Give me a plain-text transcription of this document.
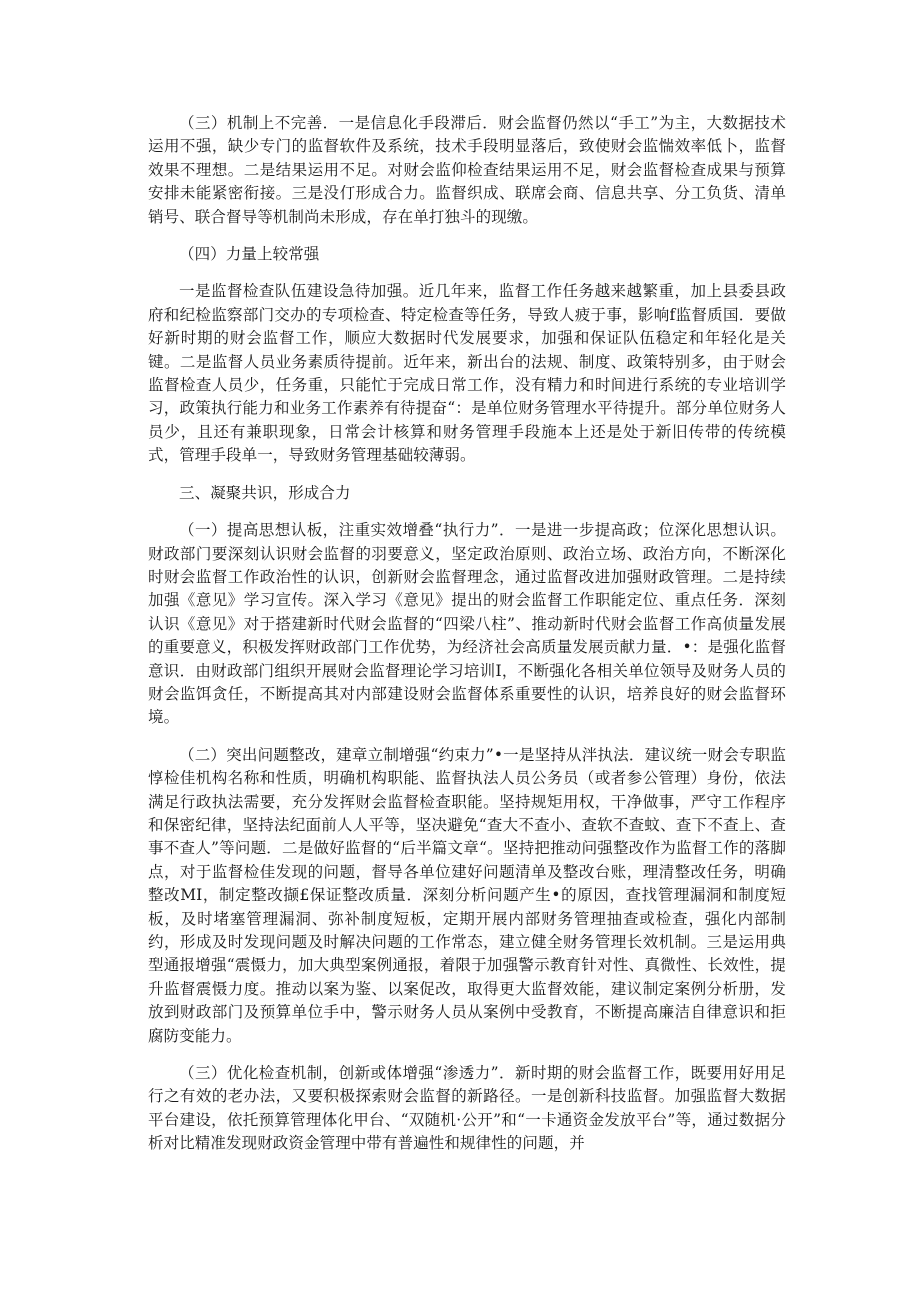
（三）机制上不完善．一是信息化手段滞后．财会监督仍然以“手工”为主，大数据技术运用不强，缺少专门的监督软件及系统，技术手段明显落后，致使财会监惴效率低卜，监督效果不理想。二是结果运用不足。对财会监仰检查结果运用不足，财会监督检查成果与预算安排未能紧密衔接。三是没仃形成合力。监督织成、联席会商、信息共享、分工负货、清单销号、联合督导等机制尚未形成，存在单打独斗的现缴。

（四）力量上较常强

一是监督检查队伍建设急待加强。近几年来，监督工作任务越来越繁重，加上县委县政府和纪检监察部门交办的专项检查、特定检查等任务，导致人疲于事，影响f监督质国．要做好新时期的财会监督工作，顺应大数据时代发展要求，加强和保证队伍稳定和年轻化是关键。二是监督人员业务素质待提前。近年来，新出台的法规、制度、政策特别多，由于财会监督检查人员少，任务重，只能忙于完成日常工作，没有精力和时间进行系统的专业培训学习，政策执行能力和业务工作素养有待提奋“：是单位财务管理水平待提升。部分单位财务人员少，且还有兼职现象，日常会计核算和财务管理手段施本上还是处于新旧传带的传统模式，管理手段单一，导致财务管理基础较薄弱。

三、凝聚共识，形成合力

（一）提高思想认板，注重实效增叠“执行力”．一是进一步提高政；位深化思想认识。财政部门要深刻认识财会监督的羽要意义，坚定政治原则、政治立场、政治方向，不断深化时财会监督工作政治性的认识，创新财会监督理念，通过监督改进加强财政管理。二是持续加强《意见》学习宣传。深入学习《意见》提出的财会监督工作职能定位、重点任务．深刻认识《意见》对于搭建新时代财会监督的“四梁八柱”、推动新时代财会监督工作高侦量发展的重要意义，积极发挥财政部门工作优势，为经济社会高质量发展贡献力量．•：是强化监督意识．由财政部门组织开展财会监督理论学习培训Ⅰ，不断强化各相关单位领导及财务人员的财会监饵贪任，不断提高其对内部建设财会监督体系重要性的认识，培养良好的财会监督环境。

（二）突出问题整改，建章立制增强“约束力”•一是坚持从泮执法．建议统一财会专职监惇检佳机构名称和性质，明确机构职能、监督执法人员公务员（或者参公管理）身份，依法满足行政执法需要，充分发挥财会监督检查职能。坚持规矩用权，干净做事，严守工作程序和保密纪律，坚持法纪面前人人平等，坚决避免“查大不查小、查软不查蚊、查下不查上、查事不查人”等问题．二是做好监督的“后半篇文章“。坚持把推动问强整改作为监督工作的落脚点，对于监督检佳发现的问题，督导各单位建好问题清单及整改台账，理清整改任务，明确整改MI，制定整改撷£保证整改质量．深刻分析问题产生•的原因，查找管理漏洞和制度短板，及时堵塞管理漏洞、弥补制度短板，定期开展内部财务管理抽查或检查，强化内部制约，形成及时发现问题及时解决问题的工作常态，建立健全财务管理长效机制。三是运用典型通报增强“震慑力，加大典型案例通报，着限于加强警示教育针对性、真微性、长效性，提升监督震慑力度。推动以案为鉴、以案促改，取得更大监督效能，建议制定案例分析册，发放到财政部门及预算单位手中，警示财务人员从案例中受教育，不断提高廉洁自律意识和拒腐防变能力。

（三）优化检查机制，创新或体增强“渗透力”．新时期的财会监督工作，既要用好用足行之有效的老办法，又要积极探索财会监督的新路径。一是创新科技监督。加强监督大数据平台建设，依托预算管理体化甲台、“双随机·公开”和“一卡通资金发放平台”等，通过数据分析对比精准发现财政资金管理中带有普遍性和规律性的问题，并
